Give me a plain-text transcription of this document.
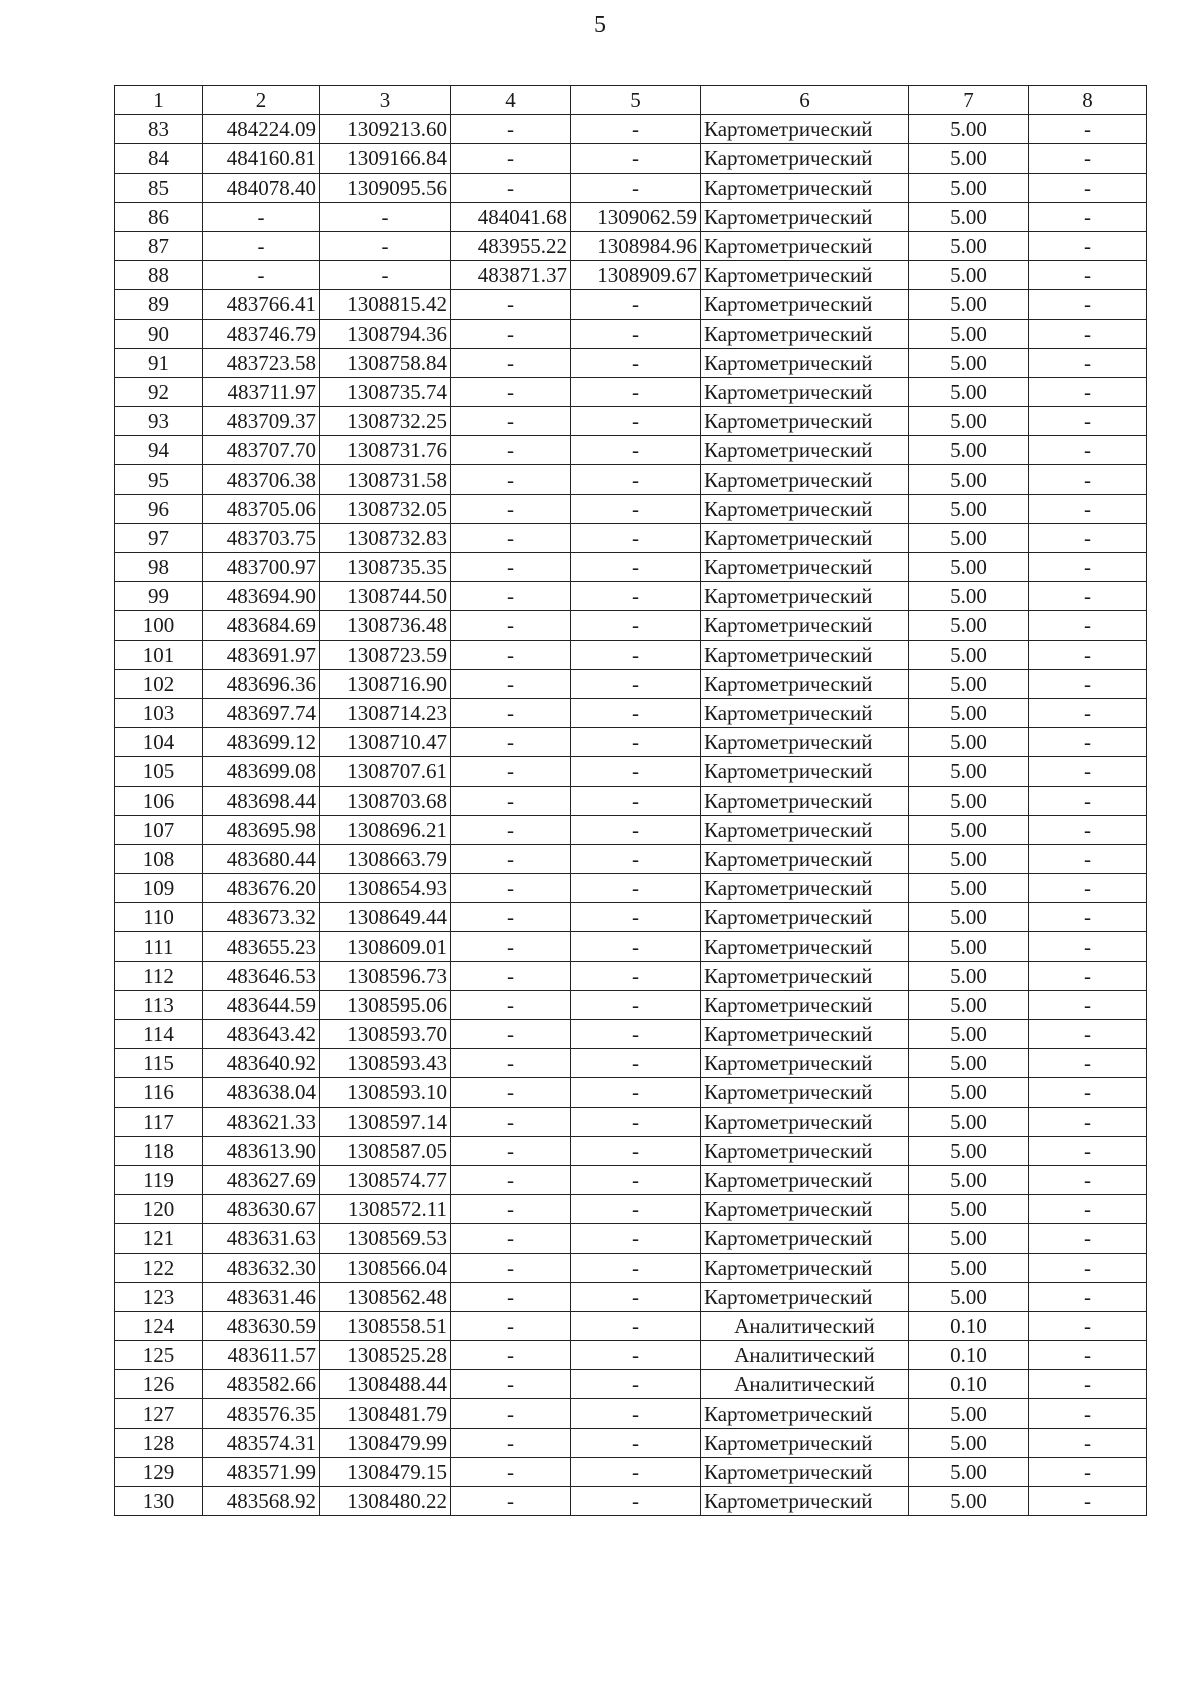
5
1	2	3	4	5	6	7	8
83	484224.09	1309213.60	-	-	Картометрический	5.00	-
84	484160.81	1309166.84	-	-	Картометрический	5.00	-
85	484078.40	1309095.56	-	-	Картометрический	5.00	-
86	-	-	484041.68	1309062.59	Картометрический	5.00	-
87	-	-	483955.22	1308984.96	Картометрический	5.00	-
88	-	-	483871.37	1308909.67	Картометрический	5.00	-
89	483766.41	1308815.42	-	-	Картометрический	5.00	-
90	483746.79	1308794.36	-	-	Картометрический	5.00	-
91	483723.58	1308758.84	-	-	Картометрический	5.00	-
92	483711.97	1308735.74	-	-	Картометрический	5.00	-
93	483709.37	1308732.25	-	-	Картометрический	5.00	-
94	483707.70	1308731.76	-	-	Картометрический	5.00	-
95	483706.38	1308731.58	-	-	Картометрический	5.00	-
96	483705.06	1308732.05	-	-	Картометрический	5.00	-
97	483703.75	1308732.83	-	-	Картометрический	5.00	-
98	483700.97	1308735.35	-	-	Картометрический	5.00	-
99	483694.90	1308744.50	-	-	Картометрический	5.00	-
100	483684.69	1308736.48	-	-	Картометрический	5.00	-
101	483691.97	1308723.59	-	-	Картометрический	5.00	-
102	483696.36	1308716.90	-	-	Картометрический	5.00	-
103	483697.74	1308714.23	-	-	Картометрический	5.00	-
104	483699.12	1308710.47	-	-	Картометрический	5.00	-
105	483699.08	1308707.61	-	-	Картометрический	5.00	-
106	483698.44	1308703.68	-	-	Картометрический	5.00	-
107	483695.98	1308696.21	-	-	Картометрический	5.00	-
108	483680.44	1308663.79	-	-	Картометрический	5.00	-
109	483676.20	1308654.93	-	-	Картометрический	5.00	-
110	483673.32	1308649.44	-	-	Картометрический	5.00	-
111	483655.23	1308609.01	-	-	Картометрический	5.00	-
112	483646.53	1308596.73	-	-	Картометрический	5.00	-
113	483644.59	1308595.06	-	-	Картометрический	5.00	-
114	483643.42	1308593.70	-	-	Картометрический	5.00	-
115	483640.92	1308593.43	-	-	Картометрический	5.00	-
116	483638.04	1308593.10	-	-	Картометрический	5.00	-
117	483621.33	1308597.14	-	-	Картометрический	5.00	-
118	483613.90	1308587.05	-	-	Картометрический	5.00	-
119	483627.69	1308574.77	-	-	Картометрический	5.00	-
120	483630.67	1308572.11	-	-	Картометрический	5.00	-
121	483631.63	1308569.53	-	-	Картометрический	5.00	-
122	483632.30	1308566.04	-	-	Картометрический	5.00	-
123	483631.46	1308562.48	-	-	Картометрический	5.00	-
124	483630.59	1308558.51	-	-	Аналитический	0.10	-
125	483611.57	1308525.28	-	-	Аналитический	0.10	-
126	483582.66	1308488.44	-	-	Аналитический	0.10	-
127	483576.35	1308481.79	-	-	Картометрический	5.00	-
128	483574.31	1308479.99	-	-	Картометрический	5.00	-
129	483571.99	1308479.15	-	-	Картометрический	5.00	-
130	483568.92	1308480.22	-	-	Картометрический	5.00	-
